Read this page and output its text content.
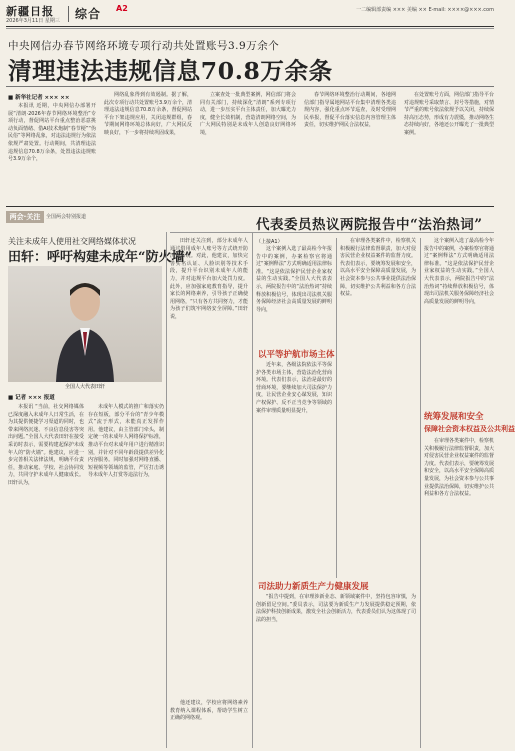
新疆日报
2026年3月11日 星期三 综合 A2	一二编辑部责编 ××× 美编 ×× E-mail: ××××@×××.com
中央网信办春节网络环境专项行动共处置账号3.9万余个
清理违法违规信息70.8万余条
■ 新华社记者 ××× ××

本报讯 近期，中央网信办部署开展“清朗·2026年春节网络环境整治”专项行动，督促网站平台重点整治恶意挑动负面情绪、借AI技术炮制“春节梗”“伪民俗”等网络乱象，对违法违规行为依法依规严肃处置。行动期间，共清理违法违规信息70.8万余条，处置违法违规账号3.9万余个，

网络乱象得到有效遏制。据了解，此次专项行动共处置账号3.9万余个，清理违法违规信息70.8万余条，督促网站平台下架违规应用，关闭违规群组，春节期间网络环境总体向好，广大网民反映良好，下一步将持续巩固成果，

立案查处一批典型案例，网信部门将会同有关部门，持续深化“清朗”系列专项行动，进一步压实平台主体责任，加大曝光力度，健全长效机制，营造清朗网络空间，为广大网民特别是未成年人创造良好网络环境，

春节网络环境整治行动期间，各地网信部门指导属地网站平台集中清理各类违规内容，强化重点环节巡查，及时受理网民举报，督促平台落实信息内容管理主体责任，切实维护网民合法权益，

在处置账号方面，网信部门指导平台对违规账号采取禁言、封号等措施，对情节严重的账号依法依规予以关闭，持续保持高压态势，形成有力震慑，推动网络生态持续向好，各地还公开曝光了一批典型案例。

两会·关注	全国两会特别报道
关注未成年人使用社交网络媒体状况
田轩：呼吁构建未成年“防火墙”
全国人大代表田轩
■ 记者 ××× 报道

本报讯 “当前，社交网络媒体已深度融入未成年人日常生活，在为其提供便捷学习渠道的同时，也带来网络沉迷、不良信息侵害等突出问题。”全国人大代表田轩在接受采访时表示，需要构建起保护未成年人的“防火墙”。他建议，应进一步完善相关法律法规，明确平台责任，推动家庭、学校、社会协同发力，共同守护未成年人健康成长。田轩认为，

未成年人模式的推广和落实仍存在短板，部分平台的“青少年模式”流于形式，未能真正发挥作用。他建议，由主管部门牵头，制定统一的未成年人网络保护标准，推动平台对未成年用户进行精准识别，并针对不同年龄段提供差异化内容服务。同时加强对网络直播、短视频等领域的监管，严厉打击诱导未成年人打赏等违法行为，

田轩还关注到，部分未成年人通过借用成年人账号等方式绕开防沉迷系统。对此，他建议，加快完善实名认证、人脸识别等技术手段，提升平台识别未成年人的能力，并对违规平台加大处罚力度。此外，应加强家庭教育指导，提升家长的网络素养，引导孩子正确使用网络，“只有各方共同努力，才能为孩子们筑牢网络安全屏障。”田轩说，

他还建议，学校应将网络素养教育纳入课程体系，帮助学生树立正确的网络观。

代表委员热议两院报告中“法治热词”
（上接A1）

这个案例入选了最高检今年报告中的案例，办案检察官将通过“案例释法”方式明确适用法律标准。“这是依法保护民营企业家权益的生动实践。”全国人大代表表示，两院报告中的“法治热词”持续释放积极信号，体现出司法机关服务保障经济社会高质量发展的鲜明导向，

以平等护航市场主体

近年来，各级法院依法平等保护各类市场主体，营造法治化营商环境。代表们表示，法治是最好的营商环境，要继续加大司法保护力度，让民营企业安心谋发展，知识产权保护、反不正当竞争等领域的案件审理质量明显提升，

司法助力新质生产力健康发展

“报告中提到，在审理涉新业态、新领域案件中，坚持包容审慎，为创新留足空间。”委员表示，司法要为新质生产力发展提供稳定预期，依法保护科技创新成果，激发全社会创新活力，代表委员们认为这体现了司法的担当，

在审理各类案件中，检察机关积极履行法律监督职责，加大对侵害民营企业权益案件的监督力度。代表们表示，要统筹发展和安全，以高水平安全保障高质量发展，为社会资本参与公共事业提供法治保障，切实维护公共利益和各方合法权益。

统筹发展和安全
保障社会资本权益及公共利益

这个案例入选了最高检今年报告中的案例，办案检察官将通过“案例释法”方式明确适用法律标准。“这是依法保护民营企业家权益的生动实践。”全国人大代表表示，两院报告中的“法治热词”持续释放积极信号，体现出司法机关服务保障经济社会高质量发展的鲜明导向，

在审理各类案件中，检察机关积极履行法律监督职责，加大对侵害民营企业权益案件的监督力度。代表们表示，要统筹发展和安全，以高水平安全保障高质量发展，为社会资本参与公共事业提供法治保障，切实维护公共利益和各方合法权益。
